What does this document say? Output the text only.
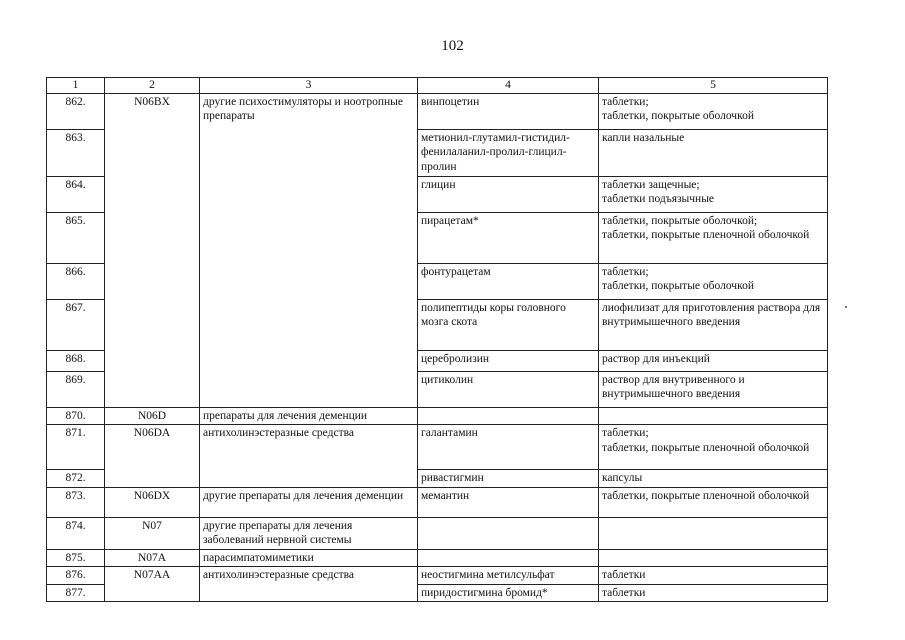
102
1	2	3	4	5
862.	N06BX	другие психостимуляторы и ноотропные препараты	винпоцетин	таблетки;
таблетки, покрытые оболочкой

863.			метионил-глутамил-гистидил-фенилаланил-пролил-глицил-пролин	капли назальные

864.			глицин	таблетки защечные;
таблетки подъязычные

865.			пирацетам*	таблетки, покрытые оболочкой;
таблетки, покрытые пленочной оболочкой

866.			фонтурацетам	таблетки;
таблетки, покрытые оболочкой

867.			полипептиды коры головного мозга скота	лиофилизат для приготовления раствора для внутримышечного введения

868.			церебролизин	раствор для инъекций

869.			цитиколин	раствор для внутривенного и внутримышечного введения

870.	N06D	препараты для лечения деменции		
871.	N06DA	антихолинэстеразные средства	галантамин	таблетки;
таблетки, покрытые пленочной оболочкой

872.			ривастигмин	капсулы

873.	N06DX	другие препараты для лечения деменции	мемантин	таблетки, покрытые пленочной оболочкой

874.	N07	другие препараты для лечения заболеваний нервной системы		
875.	N07A	парасимпатомиметики		
876.	N07AA	антихолинэстеразные средства	неостигмина метилсульфат	таблетки

877.			пиридостигмина бромид*	таблетки
